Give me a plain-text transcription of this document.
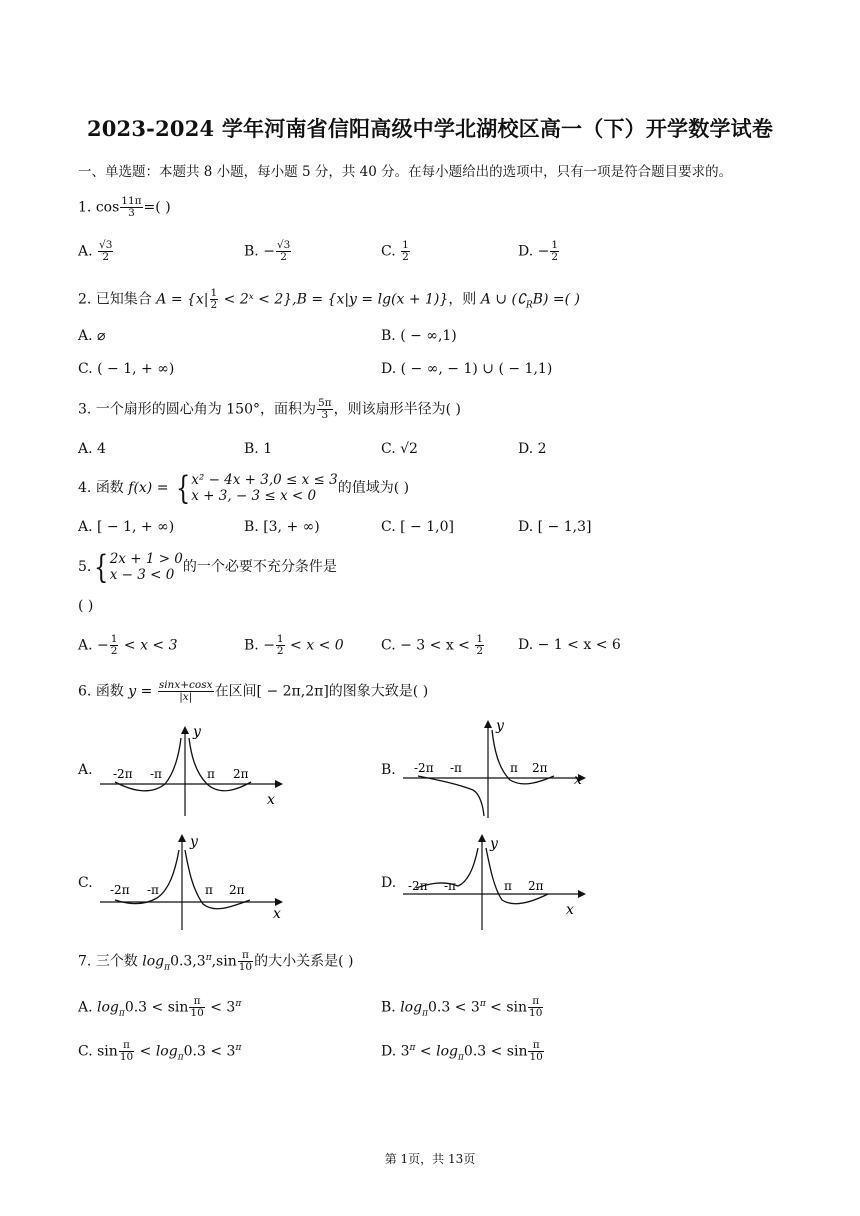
2023-2024 学年河南省信阳高级中学北湖校区高一（下）开学数学试卷
一、单选题：本题共 8 小题，每小题 5 分，共 40 分。在每小题给出的选项中，只有一项是符合题目要求的。
1. $\cos \frac{11\pi}{3}$ =( )
A. $\frac{√3}{2}$	B. − $\frac{√3}{2}$	C. $\frac{1}{2}$	D. − $\frac{1}{2}$
2. 已知集合 $A = \{x| \frac{1}{2}$ < 2ˣ < 2},B = {x|y = lg(x + 1)}，则 A ∪ $(∁_RB)$ =( )
A. ⌀	B. ( − ∞,1)
C. ( − 1, + ∞)	D. ( − ∞, − 1) ∪ ( − 1,1)
3. 一个扇形的圆心角为 150°，面积为 $\frac{5\pi}{3}$ ，则该扇形半径为( )
A. 4	B. 1	C. √2	D. 2
4. 函数 f(x) = { x² − 4x + 3,0 ≤ x ≤ 3
x + 3, − 3 ≤ x < 0	的值域为( )
A. [ − 1, + ∞)	B. [3, + ∞)	C. [ − 1,0]	D. [ − 1,3]
5.{ 2x + 1 > 0
x − 3 < 0 的一个必要不充分条件是
( )
A. − $\frac{1}{2} < x < 3$	B. − $\frac{1}{2} < x < 0$	C. − $3 < x < \frac{1}{2} D$. − 1 < x < 6
6. 函数 $y = \frac{\sin x+\cos x}{|x|}$ 在区间[ − 2π,2π]的图象大致是( )
A.
y
x
-2π -π	π 2π	B.
y
x
-2π -π	π 2π
C.
y
x
-2π -π	π 2π	D.
y
x
-2π -π	π 2π
7. 三个数 $\log_\pi 0.3,3^\pi,\sin \frac{\pi}{10}$ 的大小关系是( )
A. $\log_\pi 0.3 < \sin \frac{\pi}{10} < 3^\pi$	B. $\log_\pi 0.3 < 3^\pi < \sin \frac{\pi}{10}$
C. $\sin \frac{\pi}{10} < \log_\pi 0.3 < 3^\pi$	D. $3^\pi < \log_\pi 0.3 < \sin \frac{\pi}{10}$
第 1页，共 13页
